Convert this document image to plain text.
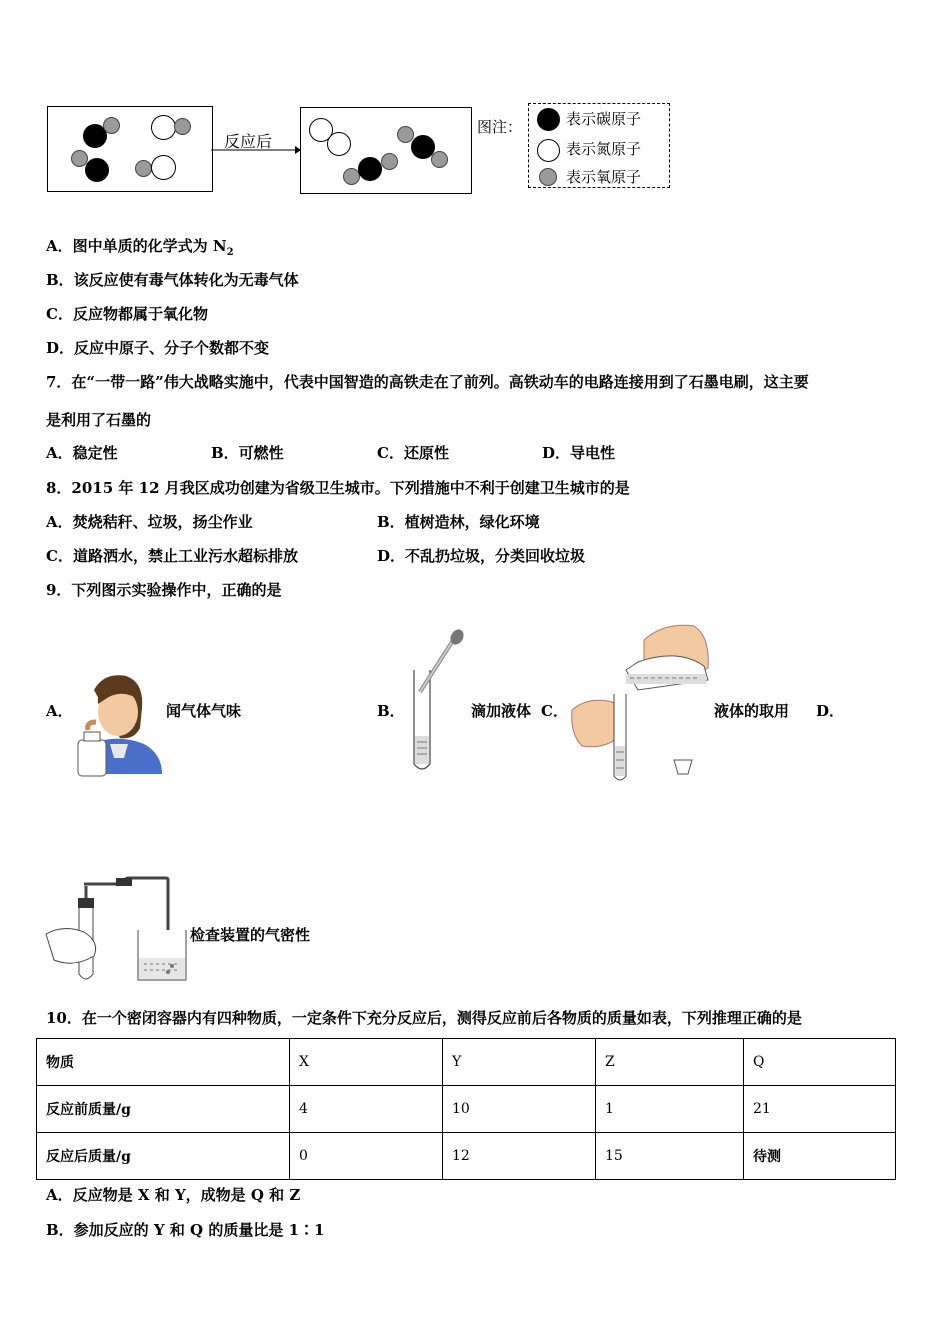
反应后
图注：	表示碳原子
表示氮原子
表示氧原子
A．图中单质的化学式为 $N_2$
B．该反应使有毒气体转化为无毒气体
C．反应物都属于氧化物
D．反应中原子、分子个数都不变
7．在“一带一路”伟大战略实施中，代表中国智造的高铁走在了前列。高铁动车的电路连接用到了石墨电刷，这主要
是利用了石墨的
A．稳定性	B．可燃性	C．还原性	D．导电性
8．2015 年 12 月我区成功创建为省级卫生城市。下列措施中不利于创建卫生城市的是
A．焚烧秸秆、垃圾，扬尘作业	B．植树造林，绿化环境
C．道路洒水，禁止工业污水超标排放	D．不乱扔垃圾，分类回收垃圾
9．下列图示实验操作中，正确的是
A．	闻气体气味	B．	滴加液体 C．	液体的取用 D．
检查装置的气密性
10．在一个密闭容器内有四种物质，一定条件下充分反应后，测得反应前后各物质的质量如表，下列推理正确的是
物质	X	Y	Z	Q
反应前质量/g	4	10	1	21
反应后质量/g	0	12	15	待测
A．反应物是 X 和 Y，成物是 Q 和 Z
B．参加反应的 Y 和 Q 的质量比是 1∶1
